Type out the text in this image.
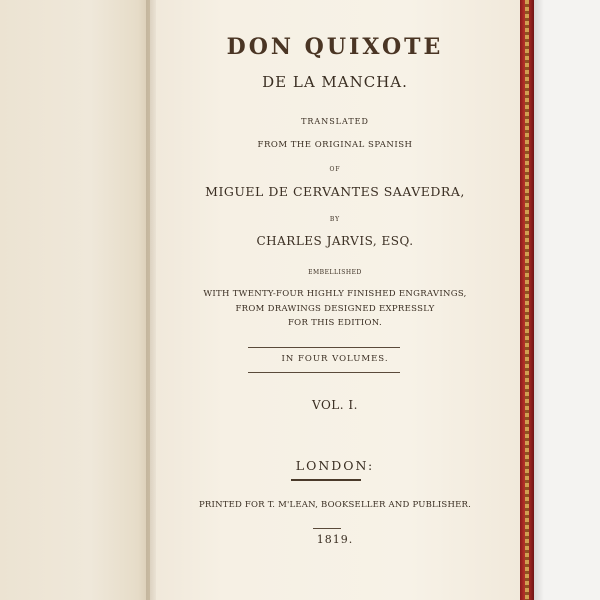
DON QUIXOTE
DE LA MANCHA.
TRANSLATED
FROM THE ORIGINAL SPANISH
OF
MIGUEL DE CERVANTES SAAVEDRA,
BY
CHARLES JARVIS, ESQ.
EMBELLISHED
WITH TWENTY-FOUR HIGHLY FINISHED ENGRAVINGS,
FROM DRAWINGS DESIGNED EXPRESSLY
FOR THIS EDITION.
IN FOUR VOLUMES.
VOL. I.
LONDON:
PRINTED FOR T. M'LEAN, BOOKSELLER AND PUBLISHER.
1819.
